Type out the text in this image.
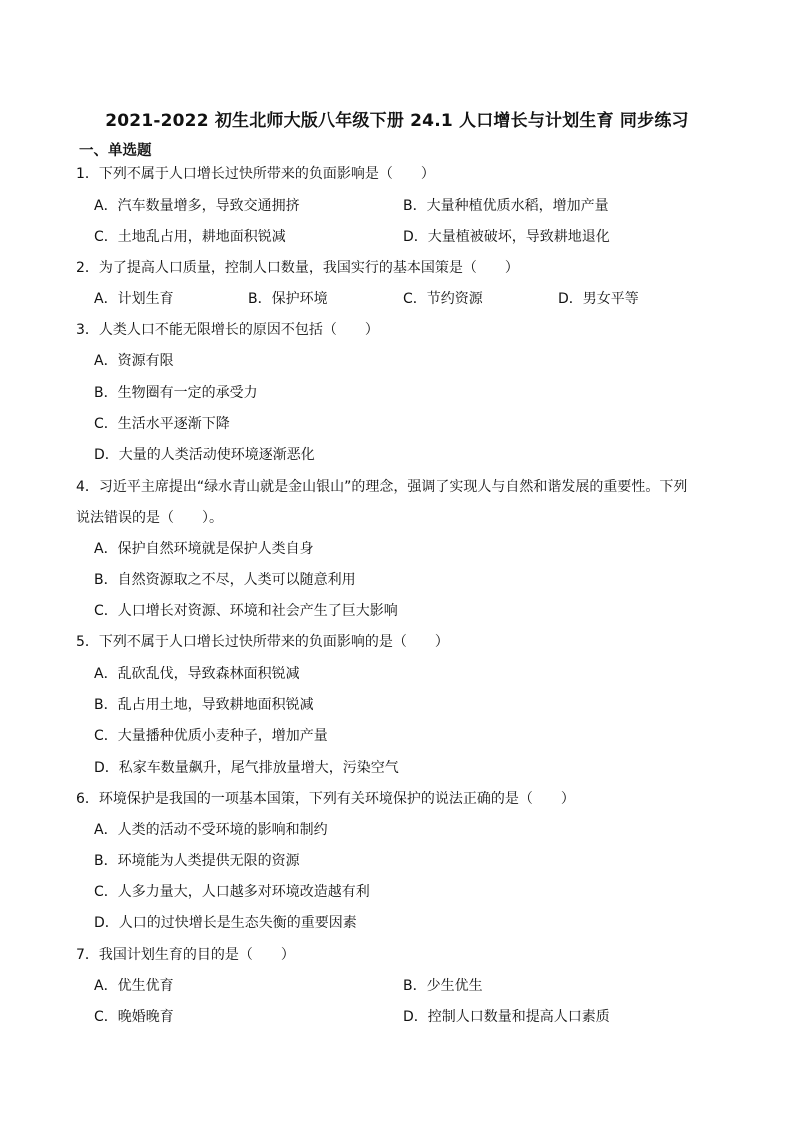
2021-2022 初生北师大版八年级下册 24.1 人口增长与计划生育 同步练习
一、单选题
1．下列不属于人口增长过快所带来的负面影响是（　　）
A．汽车数量增多，导致交通拥挤	B．大量种植优质水稻，增加产量
C．土地乱占用，耕地面积锐减	D．大量植被破坏，导致耕地退化
2．为了提高人口质量，控制人口数量，我国实行的基本国策是（　　）
A．计划生育	B．保护环境	C．节约资源	D．男女平等
3．人类人口不能无限增长的原因不包括（　　）
A．资源有限
B．生物圈有一定的承受力
C．生活水平逐渐下降
D．大量的人类活动使环境逐渐恶化
4．习近平主席提出“绿水青山就是金山银山”的理念，强调了实现人与自然和谐发展的重要性。下列
说法错误的是（　　）。
A．保护自然环境就是保护人类自身
B．自然资源取之不尽，人类可以随意利用
C．人口增长对资源、环境和社会产生了巨大影响
5．下列不属于人口增长过快所带来的负面影响的是（　　）
A．乱砍乱伐，导致森林面积锐减
B．乱占用土地，导致耕地面积锐减
C．大量播种优质小麦种子，增加产量
D．私家车数量飙升，尾气排放量增大，污染空气
6．环境保护是我国的一项基本国策，下列有关环境保护的说法正确的是（　　）
A．人类的活动不受环境的影响和制约
B．环境能为人类提供无限的资源
C．人多力量大，人口越多对环境改造越有利
D．人口的过快增长是生态失衡的重要因素
7．我国计划生育的目的是（　　）
A．优生优育	B．少生优生
C．晚婚晚育	D．控制人口数量和提高人口素质
